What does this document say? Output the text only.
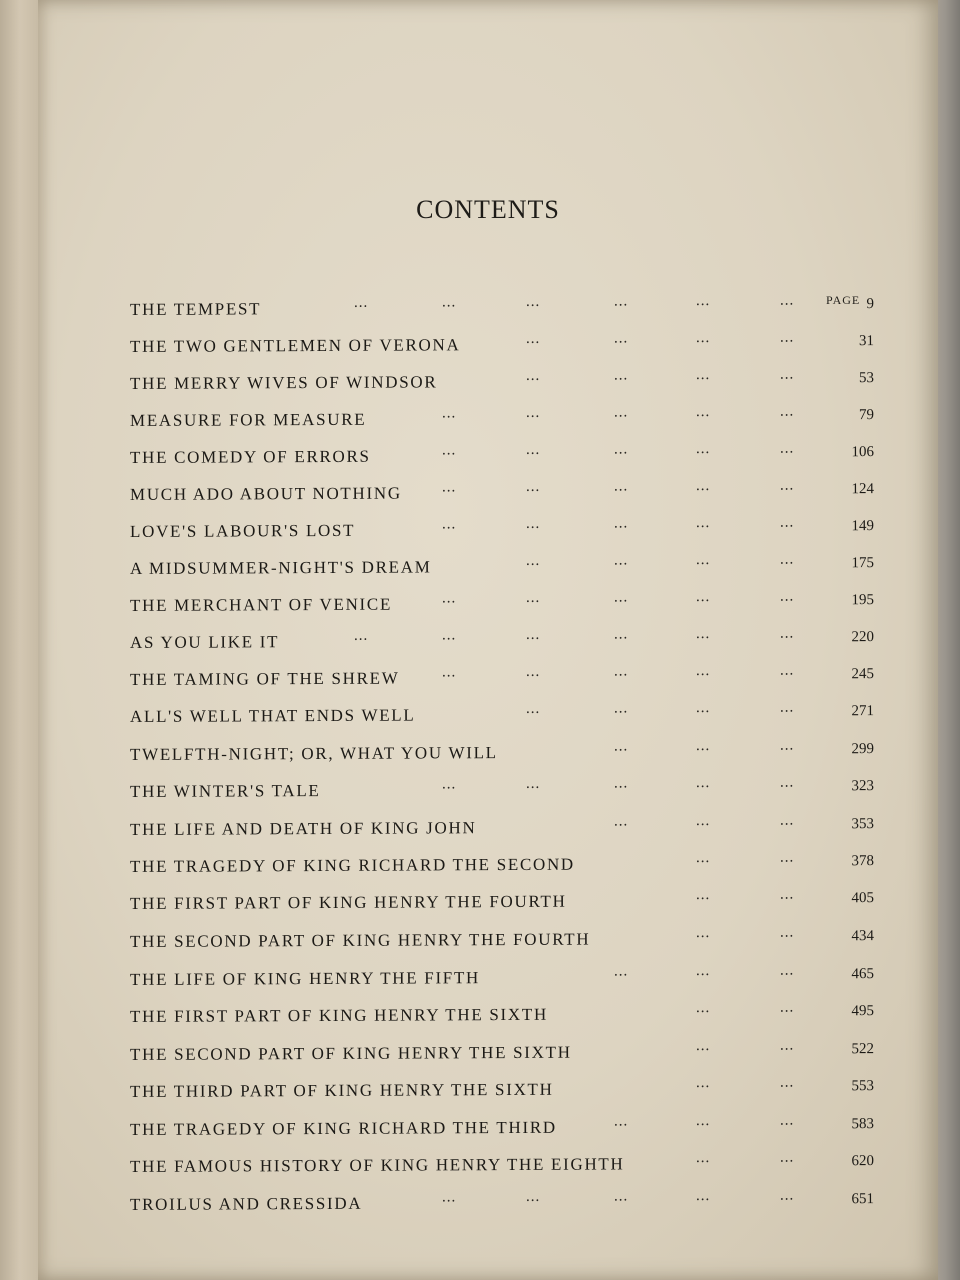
CONTENTS
PAGE
THE TEMPEST	9
...	...	...	...	...	...
THE TWO GENTLEMEN OF VERONA	31
...	...	...	...
THE MERRY WIVES OF WINDSOR	53
...	...	...	...
MEASURE FOR MEASURE	79
...	...	...	...	...
THE COMEDY OF ERRORS	106
...	...	...	...	...
MUCH ADO ABOUT NOTHING	124
...	...	...	...	...
LOVE'S LABOUR'S LOST	149
...	...	...	...	...
A MIDSUMMER-NIGHT'S DREAM	175
...	...	...	...
THE MERCHANT OF VENICE	195
...	...	...	...	...
AS YOU LIKE IT	220
...	...	...	...	...	...
THE TAMING OF THE SHREW	245
...	...	...	...	...
ALL'S WELL THAT ENDS WELL	271
...	...	...	...
TWELFTH-NIGHT; OR, WHAT YOU WILL	299
...	...	...
THE WINTER'S TALE	323
...	...	...	...	...
THE LIFE AND DEATH OF KING JOHN	353
...	...	...
THE TRAGEDY OF KING RICHARD THE SECOND	378
...	...
THE FIRST PART OF KING HENRY THE FOURTH	405
...	...
THE SECOND PART OF KING HENRY THE FOURTH	434
...	...
THE LIFE OF KING HENRY THE FIFTH	465
...	...	...
THE FIRST PART OF KING HENRY THE SIXTH	495
...	...
THE SECOND PART OF KING HENRY THE SIXTH	522
...	...
THE THIRD PART OF KING HENRY THE SIXTH	553
...	...
THE TRAGEDY OF KING RICHARD THE THIRD	583
...	...	...
THE FAMOUS HISTORY OF KING HENRY THE EIGHTH	620
...	...
TROILUS AND CRESSIDA	651
...	...	...	...	...
